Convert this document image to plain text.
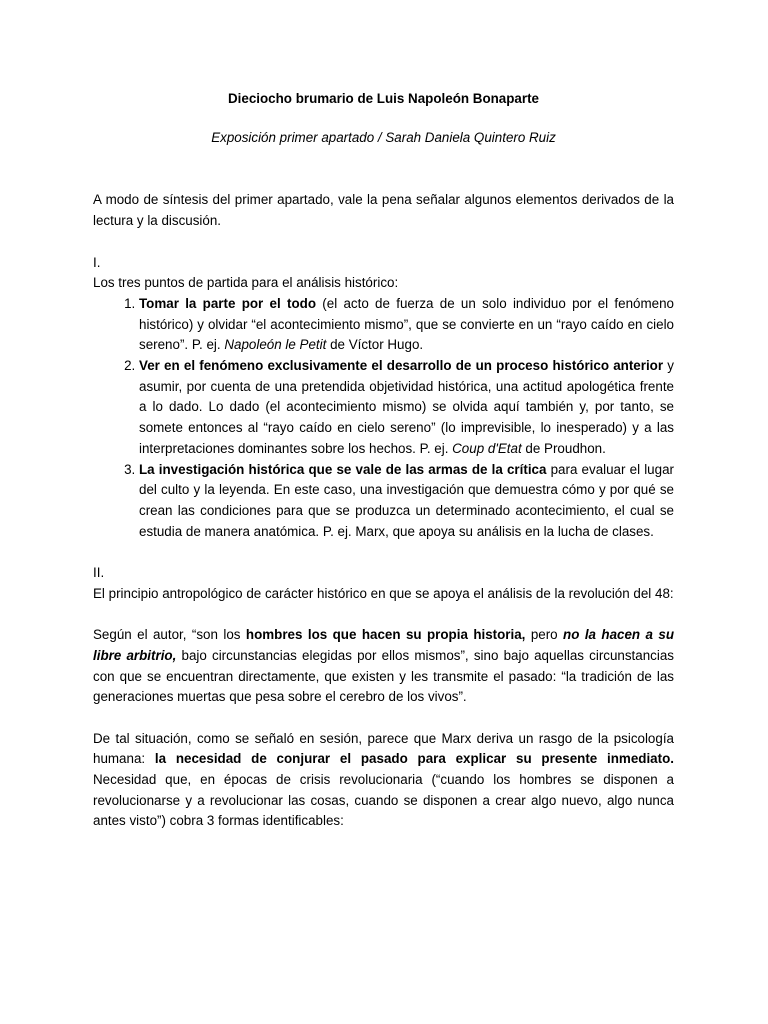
Dieciocho brumario de Luis Napoleón Bonaparte
Exposición primer apartado / Sarah Daniela Quintero Ruiz

A modo de síntesis del primer apartado, vale la pena señalar algunos elementos derivados de la lectura y la discusión.

I.

Los tres puntos de partida para el análisis histórico:

1. Tomar la parte por el todo (el acto de fuerza de un solo individuo por el fenómeno histórico) y olvidar “el acontecimiento mismo”, que se convierte en un “rayo caído en cielo sereno”. P. ej. Napoleón le Petit de Víctor Hugo.
2. Ver en el fenómeno exclusivamente el desarrollo de un proceso histórico anterior y asumir, por cuenta de una pretendida objetividad histórica, una actitud apologética frente a lo dado. Lo dado (el acontecimiento mismo) se olvida aquí también y, por tanto, se somete entonces al “rayo caído en cielo sereno” (lo imprevisible, lo inesperado) y a las interpretaciones dominantes sobre los hechos. P. ej. Coup d'Etat de Proudhon.
3. La investigación histórica que se vale de las armas de la crítica para evaluar el lugar del culto y la leyenda. En este caso, una investigación que demuestra cómo y por qué se crean las condiciones para que se produzca un determinado acontecimiento, el cual se estudia de manera anatómica. P. ej. Marx, que apoya su análisis en la lucha de clases.

II.

El principio antropológico de carácter histórico en que se apoya el análisis de la revolución del 48:

Según el autor, “son los hombres los que hacen su propia historia, pero no la hacen a su libre arbitrio, bajo circunstancias elegidas por ellos mismos”, sino bajo aquellas circunstancias con que se encuentran directamente, que existen y les transmite el pasado: “la tradición de las generaciones muertas que pesa sobre el cerebro de los vivos”.

De tal situación, como se señaló en sesión, parece que Marx deriva un rasgo de la psicología humana: la necesidad de conjurar el pasado para explicar su presente inmediato. Necesidad que, en épocas de crisis revolucionaria (“cuando los hombres se disponen a revolucionarse y a revolucionar las cosas, cuando se disponen a crear algo nuevo, algo nunca antes visto”) cobra 3 formas identificables:
